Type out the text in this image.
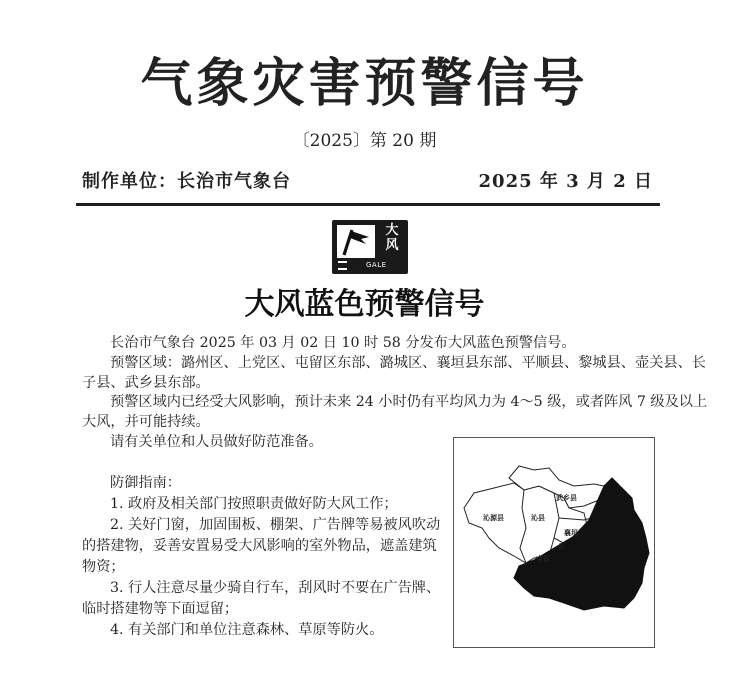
气象灾害预警信号
〔2025〕第 20 期
制作单位：长治市气象台	2025 年 3 月 2 日
大
风
GALE
大风蓝色预警信号

长治市气象台 2025 年 03 月 02 日 10 时 58 分发布大风蓝色预警信号。

预警区域：潞州区、上党区、屯留区东部、潞城区、襄垣县东部、平顺县、黎城县、壶关县、长子县、武乡县东部。

预警区域内已经受大风影响，预计未来 24 小时仍有平均风力为 4～5 级，或者阵风 7 级及以上大风，并可能持续。

请有关单位和人员做好防范准备。

防御指南：

1. 政府及相关部门按照职责做好防大风工作；

2. 关好门窗，加固围板、棚架、广告牌等易被风吹动的搭建物，妥善安置易受大风影响的室外物品，遮盖建筑物资；

3. 行人注意尽量少骑自行车，刮风时不要在广告牌、临时搭建物等下面逗留；

4. 有关部门和单位注意森林、草原等防火。

沁源县	沁县
武乡县
襄垣
长
屯留
